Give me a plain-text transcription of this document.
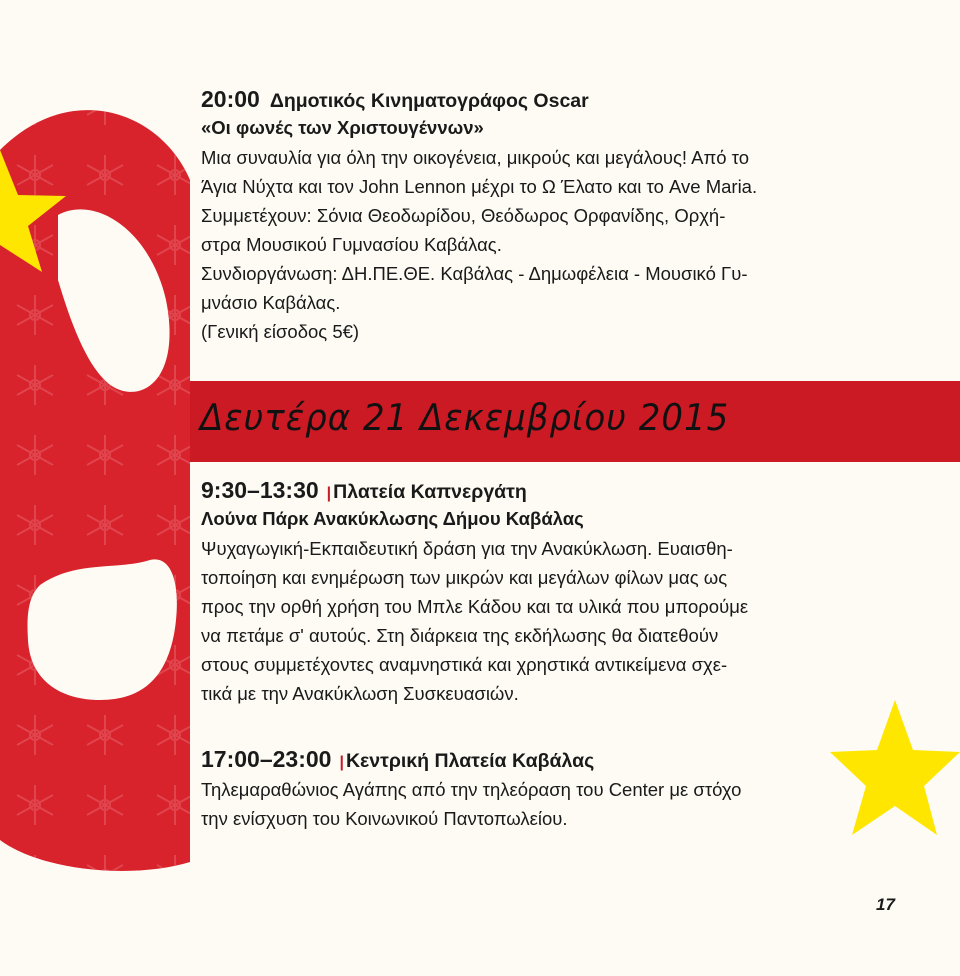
20:00 Δημοτικός Κινηματογράφος Oscar
«Οι φωνές των Χριστουγέννων»
Μια συναυλία για όλη την οικογένεια, μικρούς και μεγάλους! Από το
Άγια Νύχτα και τον John Lennon μέχρι το Ω Έλατο και το Ave Maria.
Συμμετέχουν: Σόνια Θεοδωρίδου, Θεόδωρος Ορφανίδης, Ορχή-
στρα Μουσικού Γυμνασίου Καβάλας.
Συνδιοργάνωση: ΔΗ.ΠΕ.ΘΕ. Καβάλας - Δημωφέλεια - Μουσικό Γυ-
μνάσιο Καβάλας.
(Γενική είσοδος 5€)
Δευτέρα 21 Δεκεμβρίου 2015
9:30–13:30 | Πλατεία Καπνεργάτη
Λούνα Πάρκ Ανακύκλωσης Δήμου Καβάλας
Ψυχαγωγική-Εκπαιδευτική δράση για την Ανακύκλωση. Ευαισθη-
τοποίηση και ενημέρωση των μικρών και μεγάλων φίλων μας ως
προς την ορθή χρήση του Μπλε Κάδου και τα υλικά που μπορούμε
να πετάμε σ' αυτούς. Στη διάρκεια της εκδήλωσης θα διατεθούν
στους συμμετέχοντες αναμνηστικά και χρηστικά αντικείμενα σχε-
τικά με την Ανακύκλωση Συσκευασιών.
17:00–23:00 | Κεντρική Πλατεία Καβάλας
Τηλεμαραθώνιος Αγάπης από την τηλεόραση του Center με στόχο
την ενίσχυση του Κοινωνικού Παντοπωλείου.
17
